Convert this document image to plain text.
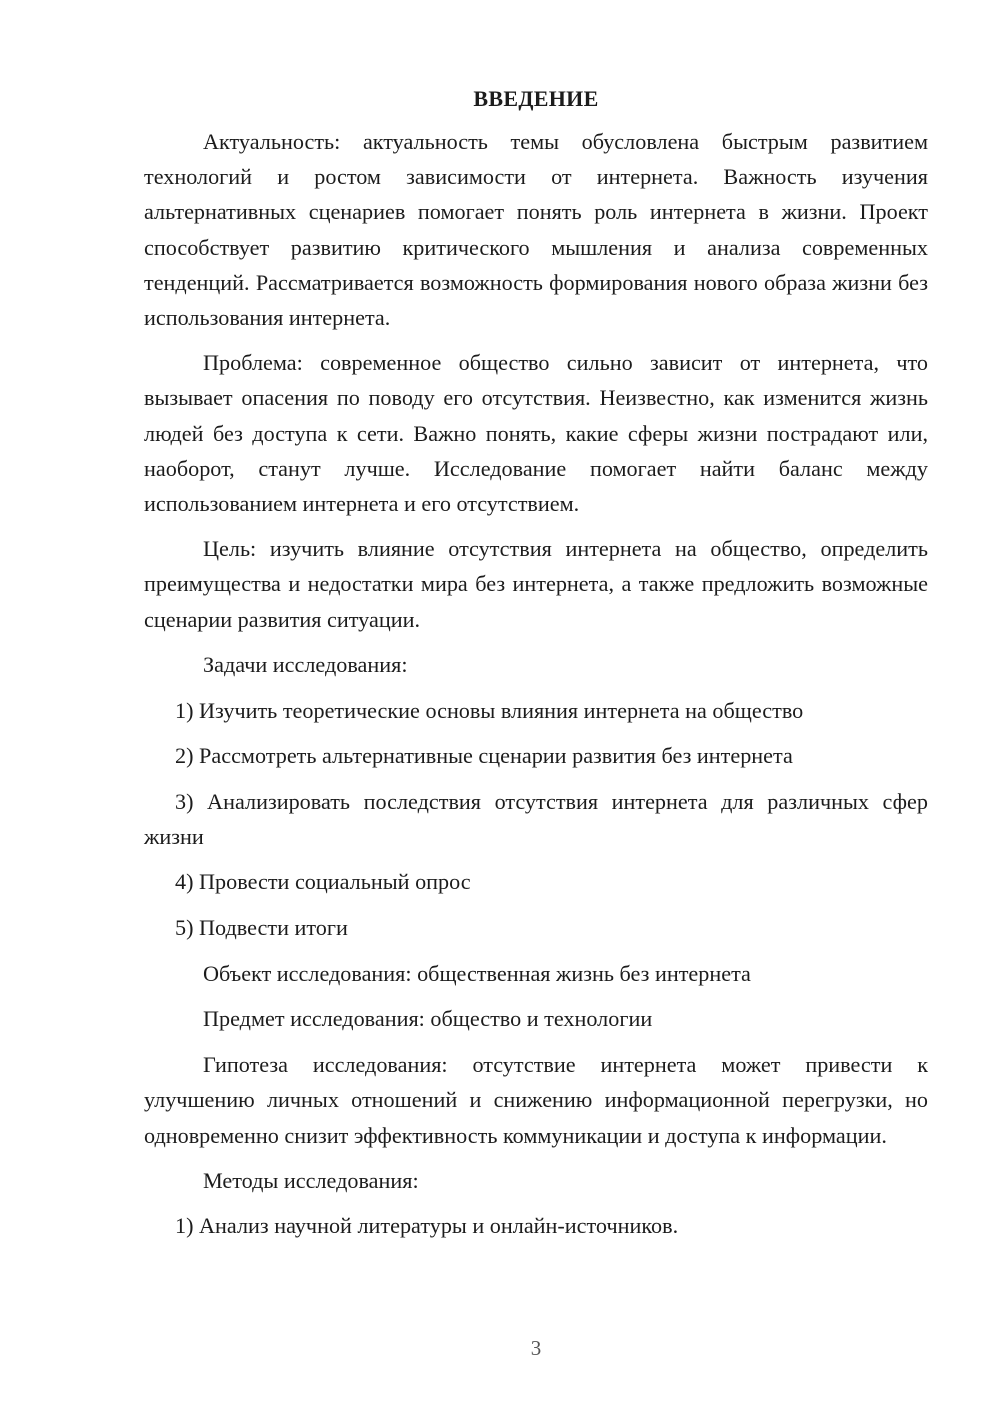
ВВЕДЕНИЕ

Актуальность: актуальность темы обусловлена быстрым развитием технологий и ростом зависимости от интернета. Важность изучения альтернативных сценариев помогает понять роль интернета в жизни. Проект способствует развитию критического мышления и анализа современных тенденций. Рассматривается возможность формирования нового образа жизни без использования интернета.

Проблема: современное общество сильно зависит от интернета, что вызывает опасения по поводу его отсутствия. Неизвестно, как изменится жизнь людей без доступа к сети. Важно понять, какие сферы жизни пострадают или, наоборот, станут лучше. Исследование помогает найти баланс между использованием интернета и его отсутствием.

Цель: изучить влияние отсутствия интернета на общество, определить преимущества и недостатки мира без интернета, а также предложить возможные сценарии развития ситуации.

Задачи исследования:

1) Изучить теоретические основы влияния интернета на общество

2) Рассмотреть альтернативные сценарии развития без интернета

3) Анализировать последствия отсутствия интернета для различных сфер жизни

4) Провести социальный опрос

5) Подвести итоги

Объект исследования: общественная жизнь без интернета

Предмет исследования: общество и технологии

Гипотеза исследования: отсутствие интернета может привести к улучшению личных отношений и снижению информационной перегрузки, но одновременно снизит эффективность коммуникации и доступа к информации.

Методы исследования:

1) Анализ научной литературы и онлайн-источников.

3
